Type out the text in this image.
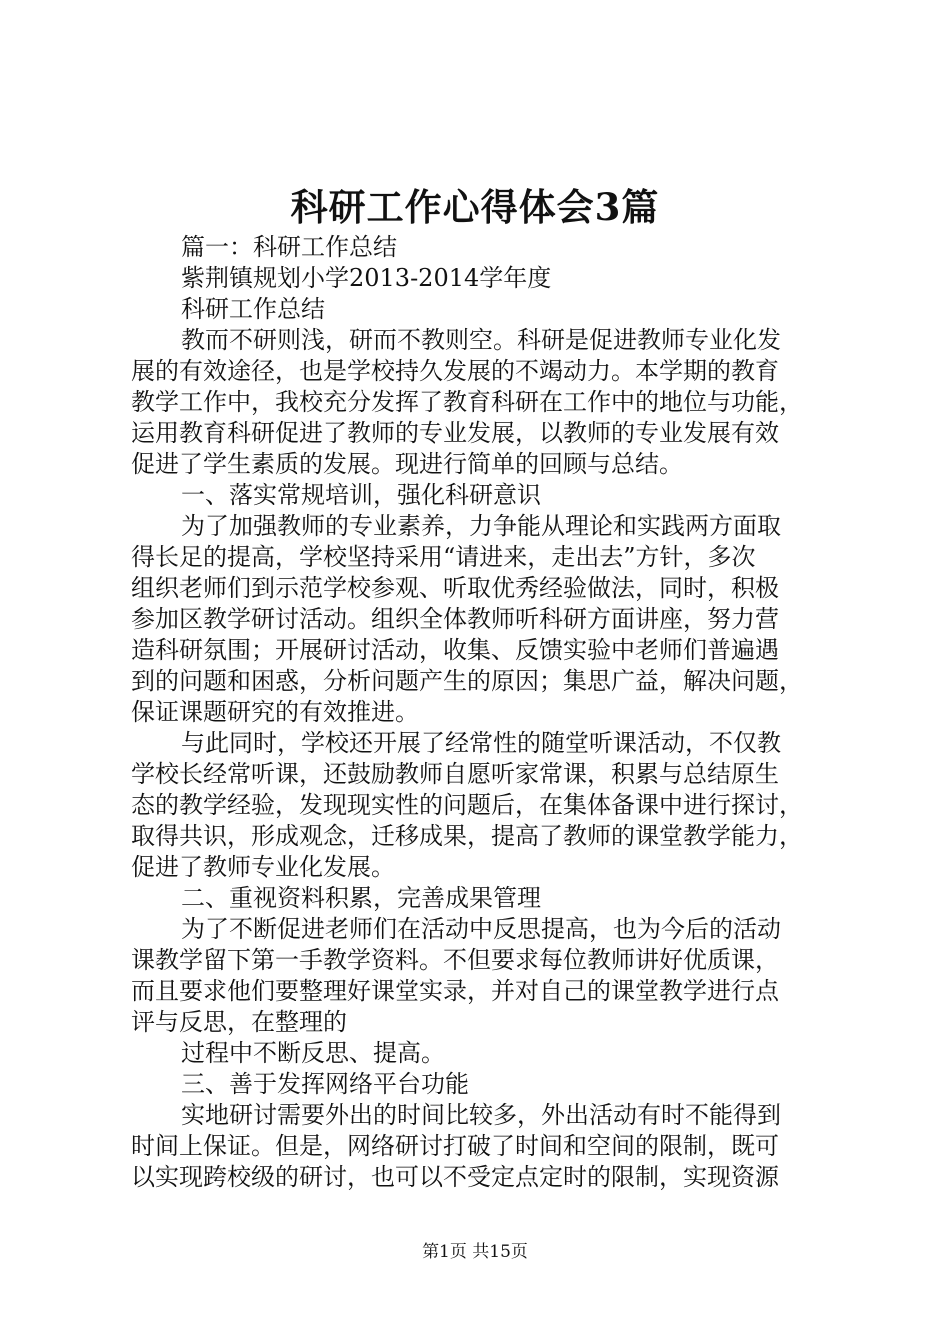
科研工作心得体会3篇
篇一：科研工作总结
紫荆镇规划小学2013-2014学年度
科研工作总结
教而不研则浅，研而不教则空。科研是促进教师专业化发
展的有效途径，也是学校持久发展的不竭动力。本学期的教育
教学工作中，我校充分发挥了教育科研在工作中的地位与功能，
运用教育科研促进了教师的专业发展，以教师的专业发展有效
促进了学生素质的发展。现进行简单的回顾与总结。
一、落实常规培训，强化科研意识
为了加强教师的专业素养，力争能从理论和实践两方面取
得长足的提高，学校坚持采用“请进来，走出去”方针，多次
组织老师们到示范学校参观、听取优秀经验做法，同时，积极
参加区教学研讨活动。组织全体教师听科研方面讲座，努力营
造科研氛围；开展研讨活动，收集、反馈实验中老师们普遍遇
到的问题和困惑，分析问题产生的原因；集思广益，解决问题，
保证课题研究的有效推进。
与此同时，学校还开展了经常性的随堂听课活动，不仅教
学校长经常听课，还鼓励教师自愿听家常课，积累与总结原生
态的教学经验，发现现实性的问题后，在集体备课中进行探讨，
取得共识，形成观念，迁移成果，提高了教师的课堂教学能力，
促进了教师专业化发展。
二、重视资料积累，完善成果管理
为了不断促进老师们在活动中反思提高，也为今后的活动
课教学留下第一手教学资料。不但要求每位教师讲好优质课，
而且要求他们要整理好课堂实录，并对自己的课堂教学进行点
评与反思，在整理的
过程中不断反思、提高。
三、善于发挥网络平台功能
实地研讨需要外出的时间比较多，外出活动有时不能得到
时间上保证。但是，网络研讨打破了时间和空间的限制，既可
以实现跨校级的研讨，也可以不受定点定时的限制，实现资源
第1页 共15页
